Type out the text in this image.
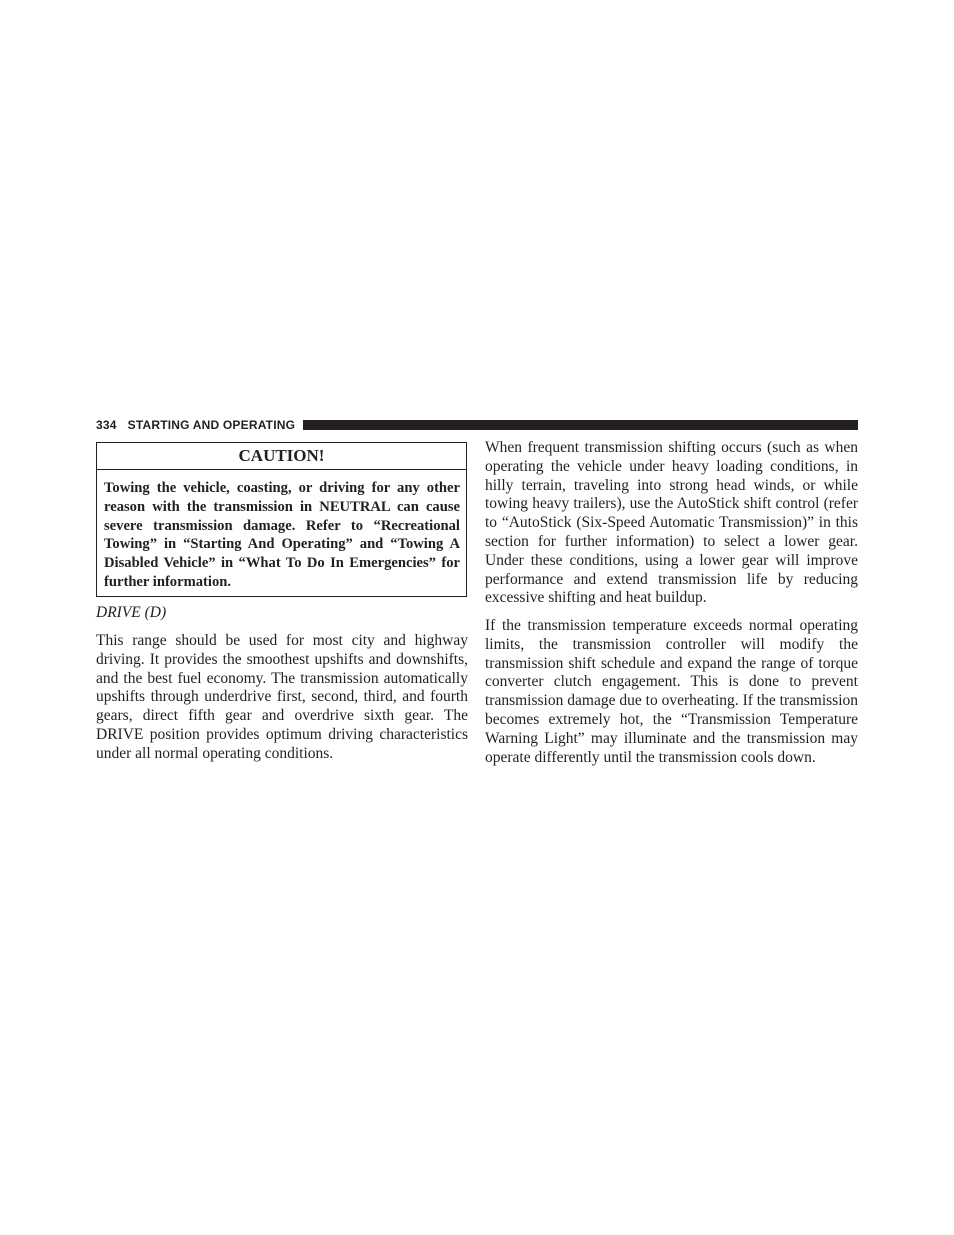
334 STARTING AND OPERATING
CAUTION!
Towing the vehicle, coasting, or driving for any other reason with the transmission in NEUTRAL can cause severe transmission damage. Refer to “Recreational Towing” in “Starting And Operating” and “Towing A Disabled Vehicle” in “What To Do In Emergencies” for further information.
DRIVE (D)

This range should be used for most city and highway driving. It provides the smoothest upshifts and downshifts, and the best fuel economy. The transmission automatically upshifts through underdrive first, second, third, and fourth gears, direct fifth gear and overdrive sixth gear. The DRIVE position provides optimum driving characteristics under all normal operating conditions.

When frequent transmission shifting occurs (such as when operating the vehicle under heavy loading conditions, in hilly terrain, traveling into strong head winds, or while towing heavy trailers), use the AutoStick shift control (refer to “AutoStick (Six-Speed Automatic Transmission)” in this section for further information) to select a lower gear. Under these conditions, using a lower gear will improve performance and extend transmission life by reducing excessive shifting and heat buildup.

If the transmission temperature exceeds normal operating limits, the transmission controller will modify the transmission shift schedule and expand the range of torque converter clutch engagement. This is done to prevent transmission damage due to overheating. If the transmission becomes extremely hot, the “Transmission Temperature Warning Light” may illuminate and the transmission may operate differently until the transmission cools down.
